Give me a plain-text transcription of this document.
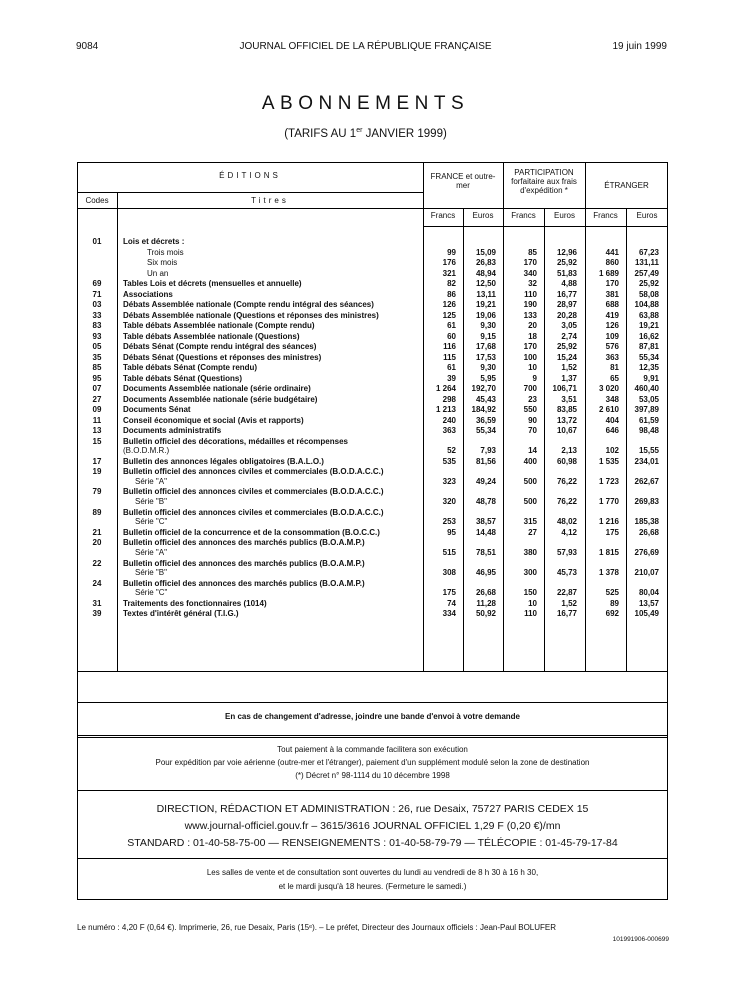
9084	JOURNAL OFFICIEL DE LA RÉPUBLIQUE FRANÇAISE	19 juin 1999
ABONNEMENTS
(TARIFS AU 1er JANVIER 1999)
ÉDITIONS
Codes	Titres
FRANCE et outre-mer
PARTICIPATION forfaitaire aux frais d'expédition *
ÉTRANGER
Francs	Euros	Francs	Euros	Francs	Euros
01	Lois et décrets :
Trois mois	99	15,09	85	12,96	441	67,23
Six mois	176	26,83	170	25,92	860	131,11
Un an	321	48,94	340	51,83	1 689	257,49
69	Tables Lois et décrets (mensuelles et annuelle)	82	12,50	32	4,88	170	25,92
71	Associations	86	13,11	110	16,77	381	58,08
03	Débats Assemblée nationale (Compte rendu intégral des séances)	126	19,21	190	28,97	688	104,88
33	Débats Assemblée nationale (Questions et réponses des ministres)	125	19,06	133	20,28	419	63,88
83	Table débats Assemblée nationale (Compte rendu)	61	9,30	20	3,05	126	19,21
93	Table débats Assemblée nationale (Questions)	60	9,15	18	2,74	109	16,62
05	Débats Sénat (Compte rendu intégral des séances)	116	17,68	170	25,92	576	87,81
35	Débats Sénat (Questions et réponses des ministres)	115	17,53	100	15,24	363	55,34
85	Table débats Sénat (Compte rendu)	61	9,30	10	1,52	81	12,35
95	Table débats Sénat (Questions)	39	5,95	9	1,37	65	9,91
07	Documents Assemblée nationale (série ordinaire)	1 264	192,70	700	106,71	3 020	460,40
27	Documents Assemblée nationale (série budgétaire)	298	45,43	23	3,51	348	53,05
09	Documents Sénat	1 213	184,92	550	83,85	2 610	397,89
11	Conseil économique et social (Avis et rapports)	240	36,59	90	13,72	404	61,59
13	Documents administratifs	363	55,34	70	10,67	646	98,48
15	Bulletin officiel des décorations, médailles et récompenses
(B.O.D.M.R.)	52	7,93	14	2,13	102	15,55
17	Bulletin des annonces légales obligatoires (B.A.L.O.)	535	81,56	400	60,98	1 535	234,01
19	Bulletin officiel des annonces civiles et commerciales (B.O.D.A.C.C.)
Série "A"	323	49,24	500	76,22	1 723	262,67
79	Bulletin officiel des annonces civiles et commerciales (B.O.D.A.C.C.)
Série "B"	320	48,78	500	76,22	1 770	269,83
89	Bulletin officiel des annonces civiles et commerciales (B.O.D.A.C.C.)
Série "C"	253	38,57	315	48,02	1 216	185,38
21	Bulletin officiel de la concurrence et de la consommation (B.O.C.C.)	95	14,48	27	4,12	175	26,68
20	Bulletin officiel des annonces des marchés publics (B.O.A.M.P.)
Série "A"	515	78,51	380	57,93	1 815	276,69
22	Bulletin officiel des annonces des marchés publics (B.O.A.M.P.)
Série "B"	308	46,95	300	45,73	1 378	210,07
24	Bulletin officiel des annonces des marchés publics (B.O.A.M.P.)
Série "C"	175	26,68	150	22,87	525	80,04
31	Traitements des fonctionnaires (1014)	74	11,28	10	1,52	89	13,57
39	Textes d'intérêt général (T.I.G.)	334	50,92	110	16,77	692	105,49
En cas de changement d'adresse, joindre une bande d'envoi à votre demande
Tout paiement à la commande facilitera son exécution
Pour expédition par voie aérienne (outre-mer et l'étranger), paiement d'un supplément modulé selon la zone de destination
(*) Décret n° 98-1114 du 10 décembre 1998
DIRECTION, RÉDACTION ET ADMINISTRATION : 26, rue Desaix, 75727 PARIS CEDEX 15
www.journal-officiel.gouv.fr – 3615/3616 JOURNAL OFFICIEL 1,29 F (0,20 €)/mn
STANDARD : 01-40-58-75-00 — RENSEIGNEMENTS : 01-40-58-79-79 — TÉLÉCOPIE : 01-45-79-17-84
Les salles de vente et de consultation sont ouvertes du lundi au vendredi de 8 h 30 à 16 h 30,
et le mardi jusqu'à 18 heures. (Fermeture le samedi.)
Le numéro : 4,20 F (0,64 €). Imprimerie, 26, rue Desaix, Paris (15ᵉ). – Le préfet, Directeur des Journaux officiels : Jean-Paul BOLUFER
101991906-000699
